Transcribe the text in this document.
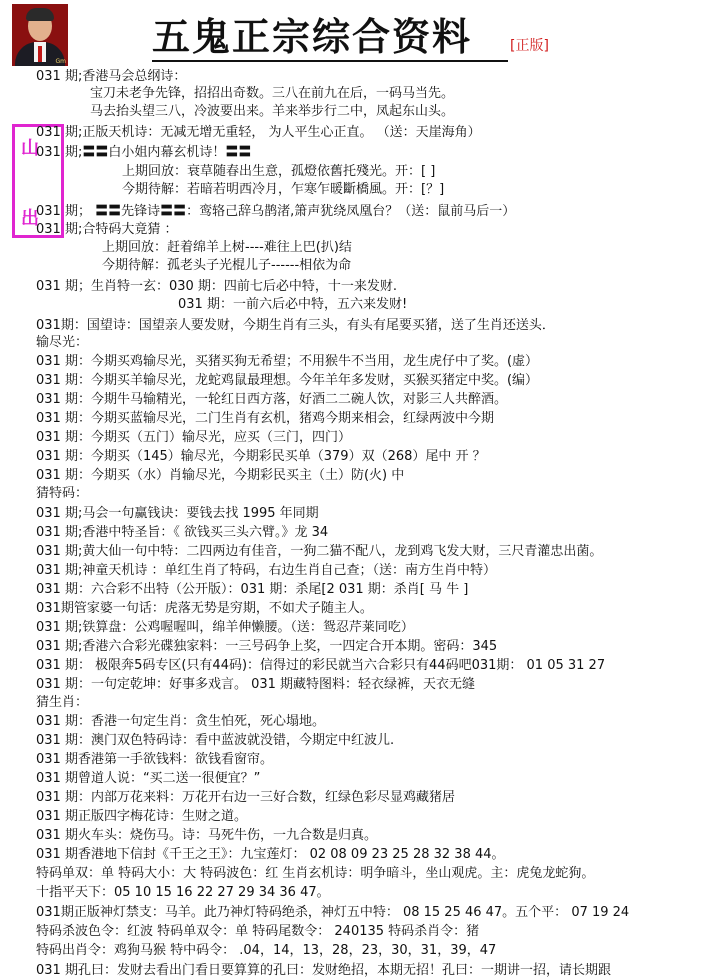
Gm
五鬼正宗综合资料	[正版]
山
出
031 期;香港马会总纲诗：
宝刀未老争先锋，招招出奇数。三八在前九在后，一码马当先。
马去抬头望三八，冷波要出来。羊来举步行二中，凤起东山头。
031 期;正版天机诗：无减无增无重轻， 为人平生心正直。 （送：天崖海角）
031 期;〓〓白小姐内幕玄机诗！〓〓
上期回放：衰草随春出生意，孤燈依舊托殘光。开：[ ]
今期待解：若暗若明西冷月，乍寒乍暖斷橋風。开：[？]
031 期； 〓〓先锋诗〓〓：鸾辂己辞乌鹊渚,箫声犹绕凤凰台？（送：鼠前马后一）
031 期;合特码大竟猜 ：
上期回放：赶着绵羊上树----难往上巴(扒)结
今期待解：孤老头子光棍儿子------相依为命
031 期；生肖特一玄：030 期：四前七后必中特，十一来发财.
031 期：一前六后必中特，五六来发财!
031期：国望诗：国望亲人要发财，今期生肖有三头，有头有尾要买猪，送了生肖还送头．
输尽光：
031 期：今期买鸡输尽光，买猪买狗无希望；不用猴牛不当用，龙生虎仔中了奖。(虚）
031 期：今期买羊输尽光，龙蛇鸡鼠最理想。今年羊年多发财，买猴买猪定中奖。(编）
031 期：今期牛马输精光，一轮红日西方落，好酒二二碗人饮，对影三人共醉酒。
031 期：今期买蓝输尽光，二门生肖有玄机，猪鸡今期来相会，红绿两波中今期
031 期：今期买（五门）输尽光，应买（三门，四门）
031 期：今期买（145）输尽光，今期彩民买单（379）双（268）尾中 开 ？
031 期：今期买（水）肖输尽光，今期彩民买主（土）防(火) 中
猜特码：
031 期;马会一句赢钱诀：要钱去找 1995 年同期
031 期;香港中特圣旨：《 欲钱买三头六臂。》龙 34
031 期;黄大仙一句中特：二四两边有佳音，一狗二猫不配八，龙到鸡飞发大财，三尺青灌忠出菌。
031 期;神童天机诗 ：单红生肖了特码，右边生肖自己查；（送：南方生肖中特）
031 期：六合彩不出特（公开版）：031 期：杀尾[2 031 期：杀肖[ 马 牛 ]
031期管家婆一句话：虎落无势是穷期，不如犬子随主人。
031 期;铁算盘：公鸡喔喔叫，绵羊伸懒腰。（送：鸳忍芹莱同吃）
031 期;香港六合彩光碟独家料：一三号码争上奖，一四定合开本期。密码：345
031 期： 极限奔5码专区(只有44码)：信得过的彩民就当六合彩只有44码吧031期： 01 05 31 27
031 期：一句定乾坤：好事多戏言。 031 期藏特图料：轻衣绿裤，天衣无缝
猜生肖：
031 期：香港一句定生肖：贪生怕死，死心塌地。
031 期：澳门双色特码诗：看中蓝波就没错，今期定中红波儿.
031 期香港第一手欲钱料：欲钱看窗帘。
031 期曾道人说：“买二送一很便宜？”
031 期：内部万花来料：万花开右边一三好合数，红绿色彩尽显鸡藏猪居
031 期正版四字梅花诗：生财之道。
031 期火车头：烧伤马。诗：马死牛伤，一九合数是归真。
031 期香港地下信封《千王之王》：九宝莲灯： 02 08 09 23 25 28 32 38 44。
特码单双：单 特码大小：大 特码波色：红 生肖玄机诗：明争暗斗，坐山观虎。主：虎兔龙蛇狗。
十指平天下：05 10 15 16 22 27 29 34 36 47。
031期正版神灯禁支：马羊。此乃神灯特码绝杀，神灯五中特： 08 15 25 46 47。五个平： 07 19 24
特码杀波色令：红波 特码单双令：单 特码尾数令： 240135 特码杀肖令：猪
特码出肖令：鸡狗马猴 特中码令： .04，14，13，28，23，30，31，39，47
031 期孔曰：发财去看出门看日要算算的孔曰：发财绝招，本期无招！孔曰：一期讲一招，请长期跟
